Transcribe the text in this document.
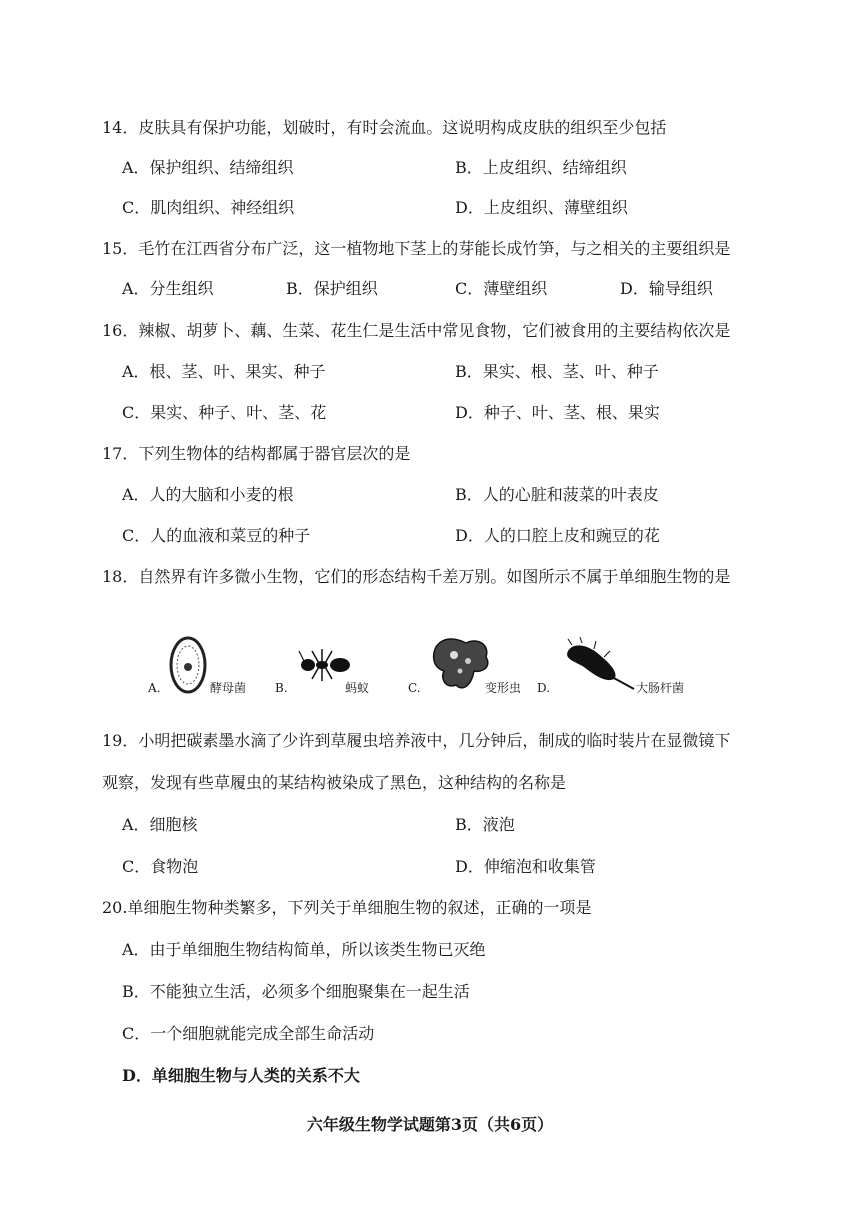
14．皮肤具有保护功能，划破时，有时会流血。这说明构成皮肤的组织至少包括
A．保护组织、结缔组织	B．上皮组织、结缔组织
C．肌肉组织、神经组织	D．上皮组织、薄壁组织
15．毛竹在江西省分布广泛，这一植物地下茎上的芽能长成竹笋，与之相关的主要组织是
A．分生组织	B．保护组织	C．薄壁组织	D．输导组织
16．辣椒、胡萝卜、藕、生菜、花生仁是生活中常见食物，它们被食用的主要结构依次是
A．根、茎、叶、果实、种子	B．果实、根、茎、叶、种子
C．果实、种子、叶、茎、花	D．种子、叶、茎、根、果实
17．下列生物体的结构都属于器官层次的是
A．人的大脑和小麦的根	B．人的心脏和菠菜的叶表皮
C．人的血液和菜豆的种子	D．人的口腔上皮和豌豆的花
18．自然界有许多微小生物，它们的形态结构千差万别。如图所示不属于单细胞生物的是
A.	酵母菌 B.	蚂蚁	C.	变形虫 D.	大肠杆菌
19．小明把碳素墨水滴了少许到草履虫培养液中，几分钟后，制成的临时装片在显微镜下
观察，发现有些草履虫的某结构被染成了黑色，这种结构的名称是
A．细胞核	B．液泡
C．食物泡	D．伸缩泡和收集管
20.单细胞生物种类繁多，下列关于单细胞生物的叙述，正确的一项是
A．由于单细胞生物结构简单，所以该类生物已灭绝
B．不能独立生活，必须多个细胞聚集在一起生活
C．一个细胞就能完成全部生命活动
D．单细胞生物与人类的关系不大
六年级生物学试题第3页（共6页）
